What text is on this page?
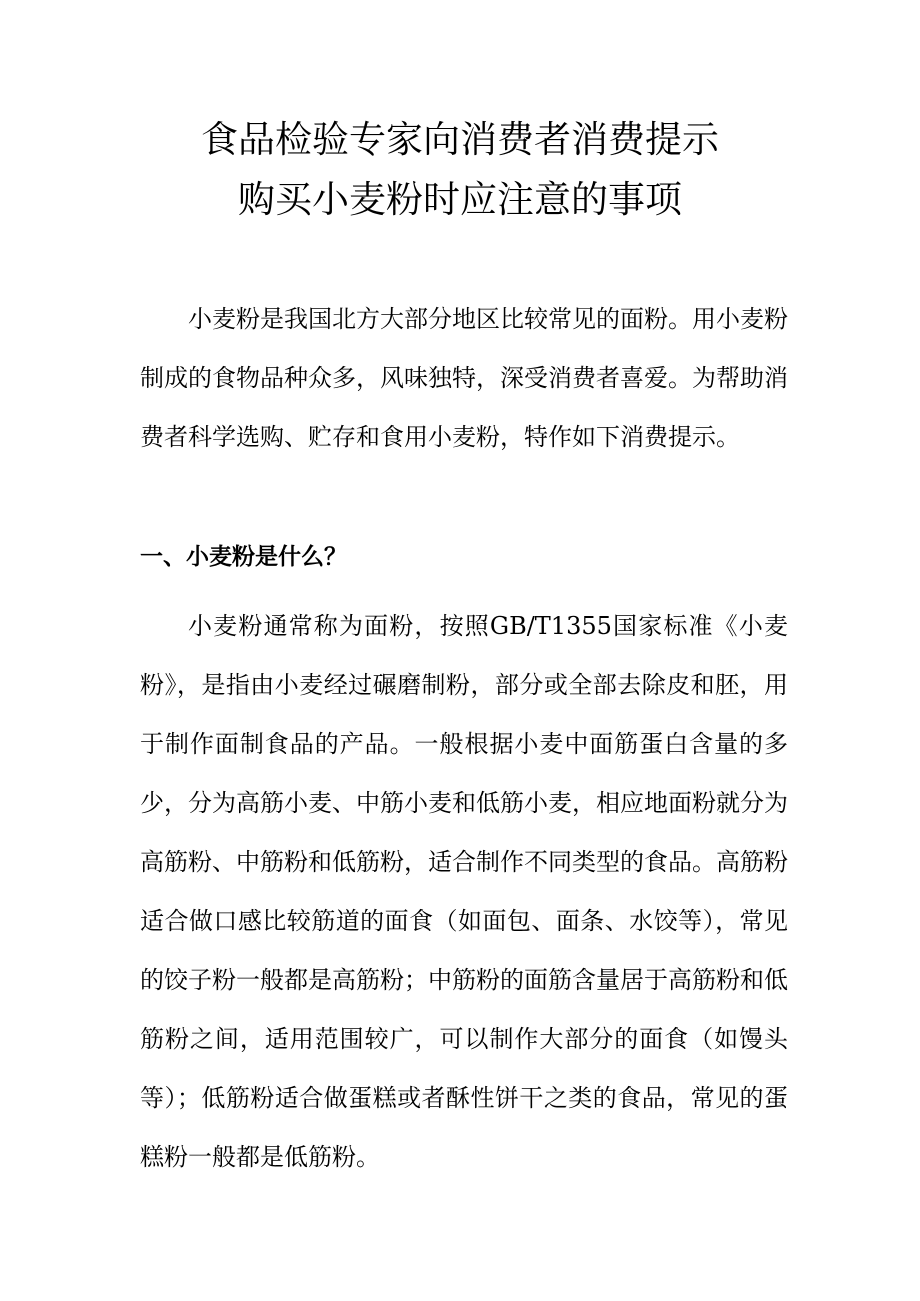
食品检验专家向消费者消费提示
购买小麦粉时应注意的事项
小麦粉是我国北方大部分地区比较常见的面粉。用小麦粉制成的食物品种众多，风味独特，深受消费者喜爱。为帮助消费者科学选购、贮存和食用小麦粉，特作如下消费提示。
一、小麦粉是什么？
小麦粉通常称为面粉，按照GB/T1355国家标准《小麦粉》，是指由小麦经过碾磨制粉，部分或全部去除皮和胚，用于制作面制食品的产品。一般根据小麦中面筋蛋白含量的多少，分为高筋小麦、中筋小麦和低筋小麦，相应地面粉就分为高筋粉、中筋粉和低筋粉，适合制作不同类型的食品。高筋粉适合做口感比较筋道的面食（如面包、面条、水饺等），常见的饺子粉一般都是高筋粉；中筋粉的面筋含量居于高筋粉和低筋粉之间，适用范围较广，可以制作大部分的面食（如馒头等）；低筋粉适合做蛋糕或者酥性饼干之类的食品，常见的蛋糕粉一般都是低筋粉。
